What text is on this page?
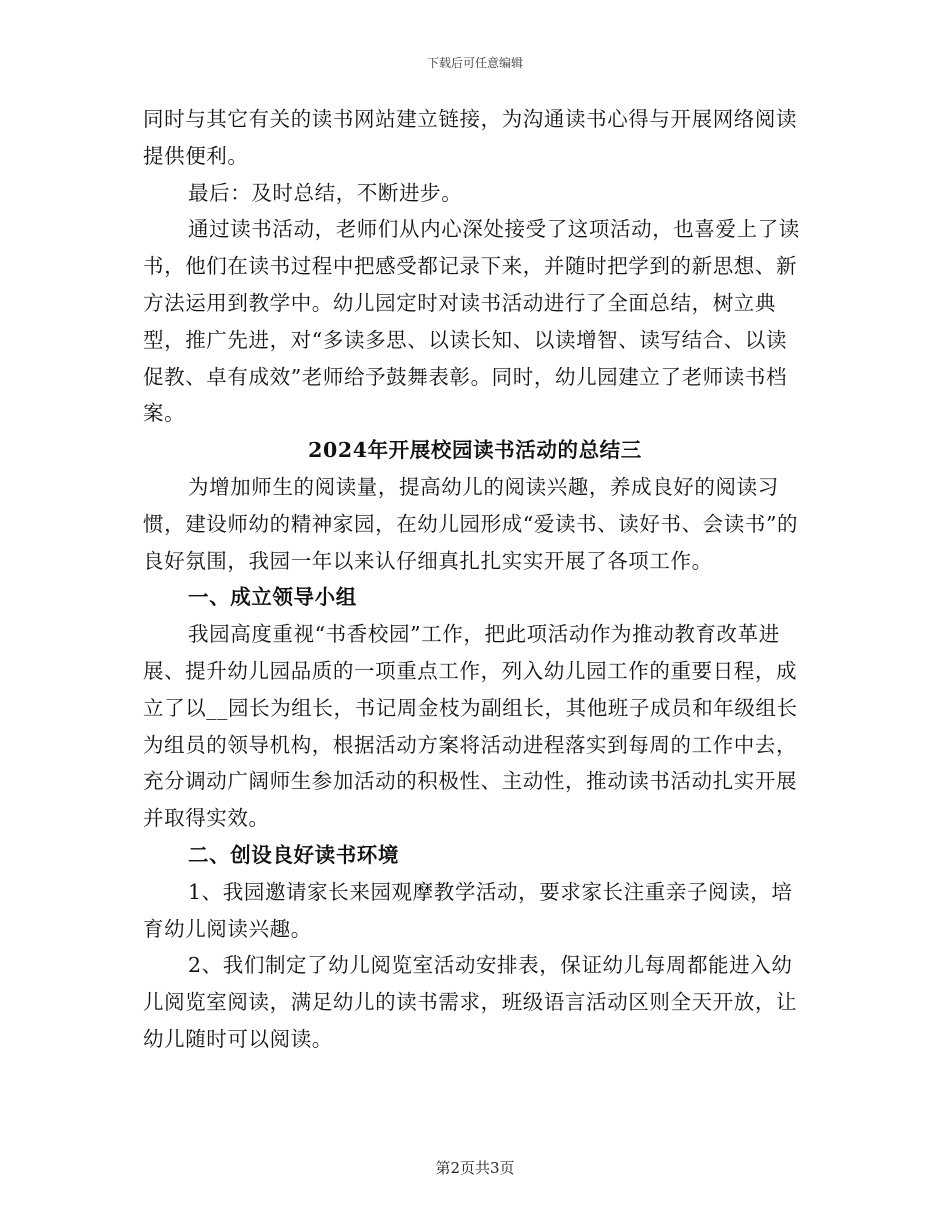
下载后可任意编辑

同时与其它有关的读书网站建立链接，为沟通读书心得与开展网络阅读提供便利。

最后：及时总结，不断进步。

通过读书活动，老师们从内心深处接受了这项活动，也喜爱上了读书，他们在读书过程中把感受都记录下来，并随时把学到的新思想、新方法运用到教学中。幼儿园定时对读书活动进行了全面总结，树立典型，推广先进，对“多读多思、以读长知、以读增智、读写结合、以读促教、卓有成效”老师给予鼓舞表彰。同时，幼儿园建立了老师读书档案。

2024年开展校园读书活动的总结三

为增加师生的阅读量，提高幼儿的阅读兴趣，养成良好的阅读习惯，建设师幼的精神家园，在幼儿园形成“爱读书、读好书、会读书”的良好氛围，我园一年以来认仔细真扎扎实实开展了各项工作。

一、成立领导小组

我园高度重视“书香校园”工作，把此项活动作为推动教育改革进展、提升幼儿园品质的一项重点工作，列入幼儿园工作的重要日程，成立了以__园长为组长，书记周金枝为副组长，其他班子成员和年级组长为组员的领导机构，根据活动方案将活动进程落实到每周的工作中去，充分调动广阔师生参加活动的积极性、主动性，推动读书活动扎实开展并取得实效。

二、创设良好读书环境

1、我园邀请家长来园观摩教学活动，要求家长注重亲子阅读，培育幼儿阅读兴趣。

2、我们制定了幼儿阅览室活动安排表，保证幼儿每周都能进入幼儿阅览室阅读，满足幼儿的读书需求，班级语言活动区则全天开放，让幼儿随时可以阅读。

第2页共3页
